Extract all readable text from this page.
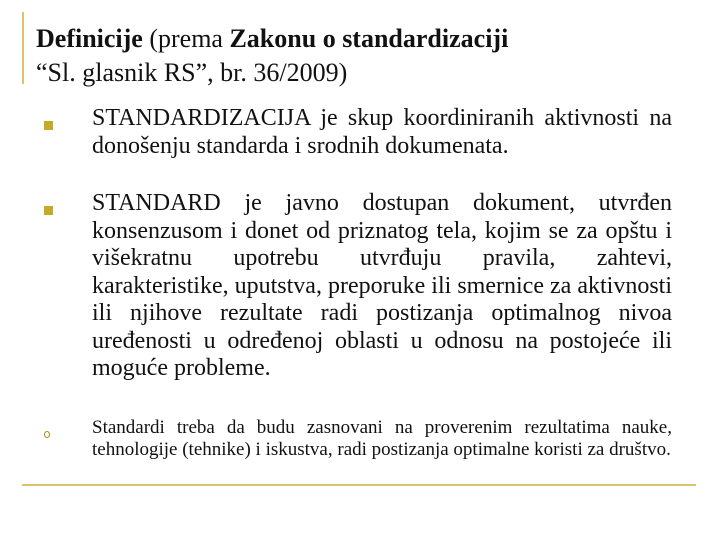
Definicije (prema Zakonu o standardizaciji
“Sl. glasnik RS”, br. 36/2009)
STANDARDIZACIJA je skup koordiniranih aktivnosti na donošenju standarda i srodnih dokumenata.
STANDARD je javno dostupan dokument, utvrđen konsenzusom i donet od priznatog tela, kojim se za opštu i višekratnu upotrebu utvrđuju pravila, zahtevi, karakteristike, uputstva, preporuke ili smernice za aktivnosti ili njihove rezultate radi postizanja optimalnog nivoa uređenosti u određenoj oblasti u odnosu na postojeće ili moguće probleme.
Standardi treba da budu zasnovani na proverenim rezultatima nauke, tehnologije (tehnike) i iskustva, radi postizanja optimalne koristi za društvo.
